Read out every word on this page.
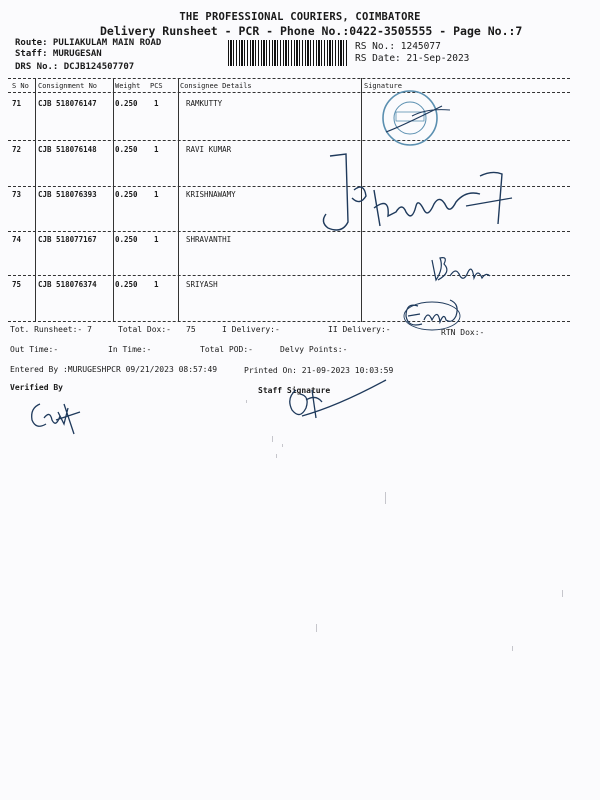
THE PROFESSIONAL COURIERS, COIMBATORE
Delivery Runsheet - PCR - Phone No.:0422-3505555 - Page No.:7
Route: PULIAKULAM MAIN ROAD
Staff: MURUGESAN
DRS No.: DCJB124507707
RS No.: 1245077
RS Date: 21-Sep-2023
S No Consignment No	Weight PCS Consignee Details	Signature
71 CJB 518076147 0.250 1	RAMKUTTY
72 CJB 518076148 0.250 1	RAVI KUMAR
73 CJB 518076393 0.250 1	KRISHNAWAMY
74 CJB 518077167 0.250 1	SHRAVANTHI
75 CJB 518076374 0.250 1	SRIYASH
Tot. Runsheet:- 7	Total Dox:- 75	I Delivery:-	II Delivery:-	RTN Dox:-
Out Time:-	In Time:-	Total POD:-	Delvy Points:-
Entered By :MURUGESHPCR 09/21/2023 08:57:49	Printed On: 21-09-2023 10:03:59
Verified By	Staff Signature
